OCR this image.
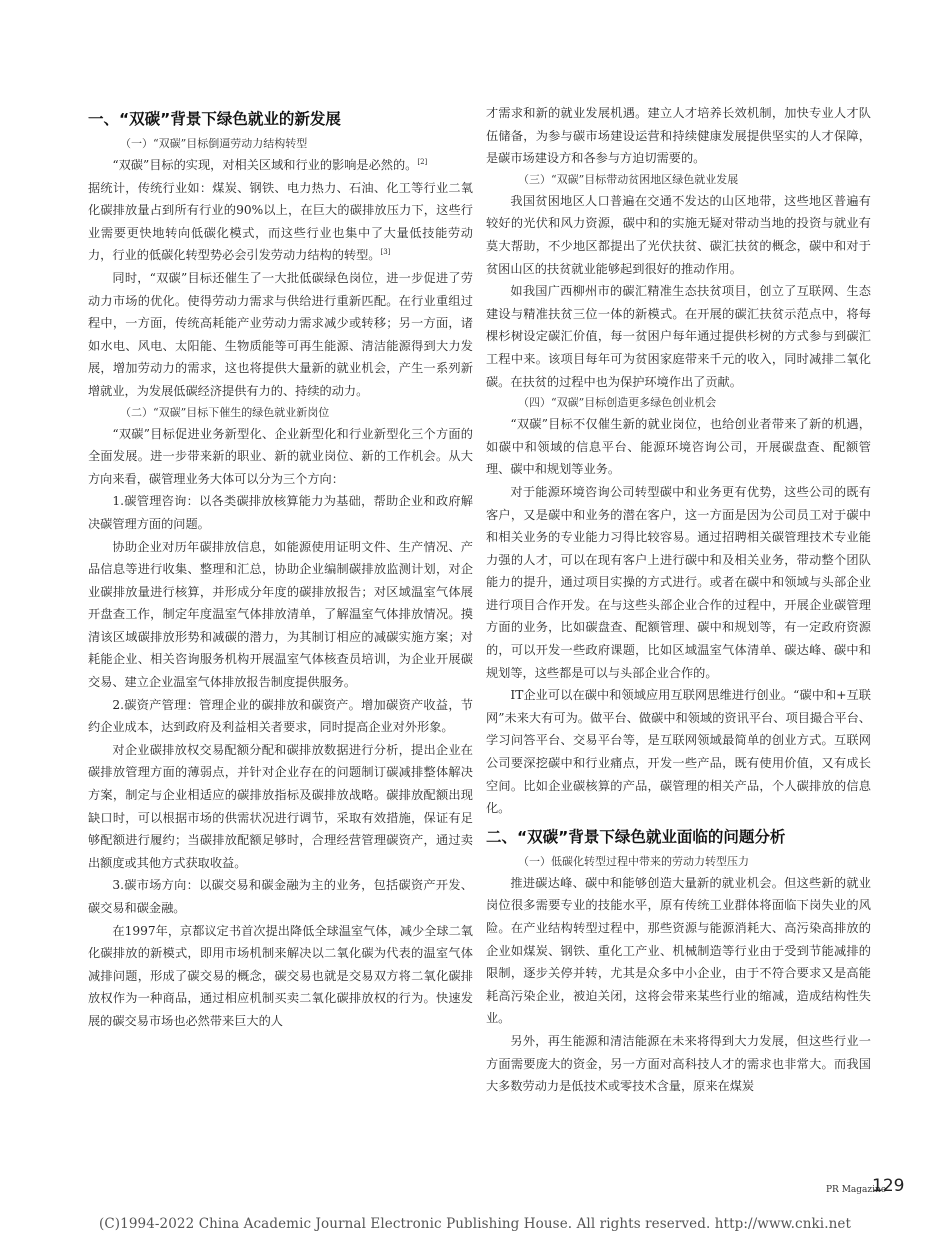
一、“双碳”背景下绿色就业的新发展
（一）“双碳”目标倒逼劳动力结构转型

“双碳”目标的实现，对相关区域和行业的影响是必然的。[2]

据统计，传统行业如：煤炭、钢铁、电力热力、石油、化工等行业二氧化碳排放量占到所有行业的90%以上，在巨大的碳排放压力下，这些行业需要更快地转向低碳化模式，而这些行业也集中了大量低技能劳动力，行业的低碳化转型势必会引发劳动力结构的转型。[3]

同时，“双碳”目标还催生了一大批低碳绿色岗位，进一步促进了劳动力市场的优化。使得劳动力需求与供给进行重新匹配。在行业重组过程中，一方面，传统高耗能产业劳动力需求减少或转移；另一方面，诸如水电、风电、太阳能、生物质能等可再生能源、清洁能源得到大力发展，增加劳动力的需求，这也将提供大量新的就业机会，产生一系列新增就业，为发展低碳经济提供有力的、持续的动力。

（二）“双碳”目标下催生的绿色就业新岗位

“双碳”目标促进业务新型化、企业新型化和行业新型化三个方面的全面发展。进一步带来新的职业、新的就业岗位、新的工作机会。从大方向来看，碳管理业务大体可以分为三个方向：

1.碳管理咨询：以各类碳排放核算能力为基础，帮助企业和政府解决碳管理方面的问题。

协助企业对历年碳排放信息，如能源使用证明文件、生产情况、产品信息等进行收集、整理和汇总，协助企业编制碳排放监测计划，对企业碳排放量进行核算，并形成分年度的碳排放报告；对区域温室气体展开盘查工作，制定年度温室气体排放清单，了解温室气体排放情况。摸清该区域碳排放形势和减碳的潜力，为其制订相应的减碳实施方案；对耗能企业、相关咨询服务机构开展温室气体核查员培训，为企业开展碳交易、建立企业温室气体排放报告制度提供服务。

2.碳资产管理：管理企业的碳排放和碳资产。增加碳资产收益，节约企业成本，达到政府及利益相关者要求，同时提高企业对外形象。

对企业碳排放权交易配额分配和碳排放数据进行分析，提出企业在碳排放管理方面的薄弱点，并针对企业存在的问题制订碳减排整体解决方案，制定与企业相适应的碳排放指标及碳排放战略。碳排放配额出现缺口时，可以根据市场的供需状况进行调节，采取有效措施，保证有足够配额进行履约；当碳排放配额足够时，合理经营管理碳资产，通过卖出额度或其他方式获取收益。

3.碳市场方向：以碳交易和碳金融为主的业务，包括碳资产开发、碳交易和碳金融。

在1997年，京都议定书首次提出降低全球温室气体，减少全球二氧化碳排放的新模式，即用市场机制来解决以二氧化碳为代表的温室气体减排问题，形成了碳交易的概念，碳交易也就是交易双方将二氧化碳排放权作为一种商品，通过相应机制买卖二氧化碳排放权的行为。快速发展的碳交易市场也必然带来巨大的人

才需求和新的就业发展机遇。建立人才培养长效机制，加快专业人才队伍储备，为参与碳市场建设运营和持续健康发展提供坚实的人才保障，是碳市场建设方和各参与方迫切需要的。

（三）“双碳”目标带动贫困地区绿色就业发展

我国贫困地区人口普遍在交通不发达的山区地带，这些地区普遍有较好的光伏和风力资源，碳中和的实施无疑对带动当地的投资与就业有莫大帮助，不少地区都提出了光伏扶贫、碳汇扶贫的概念，碳中和对于贫困山区的扶贫就业能够起到很好的推动作用。

如我国广西柳州市的碳汇精准生态扶贫项目，创立了互联网、生态建设与精准扶贫三位一体的新模式。在开展的碳汇扶贫示范点中，将每棵杉树设定碳汇价值，每一贫困户每年通过提供杉树的方式参与到碳汇工程中来。该项目每年可为贫困家庭带来千元的收入，同时减排二氧化碳。在扶贫的过程中也为保护环境作出了贡献。

（四）“双碳”目标创造更多绿色创业机会

“双碳”目标不仅催生新的就业岗位，也给创业者带来了新的机遇，如碳中和领域的信息平台、能源环境咨询公司，开展碳盘查、配额管理、碳中和规划等业务。

对于能源环境咨询公司转型碳中和业务更有优势，这些公司的既有客户，又是碳中和业务的潜在客户，这一方面是因为公司员工对于碳中和相关业务的专业能力习得比较容易。通过招聘相关碳管理技术专业能力强的人才，可以在现有客户上进行碳中和及相关业务，带动整个团队能力的提升，通过项目实操的方式进行。或者在碳中和领域与头部企业进行项目合作开发。在与这些头部企业合作的过程中，开展企业碳管理方面的业务，比如碳盘查、配额管理、碳中和规划等，有一定政府资源的，可以开发一些政府课题，比如区域温室气体清单、碳达峰、碳中和规划等，这些都是可以与头部企业合作的。

IT企业可以在碳中和领域应用互联网思维进行创业。“碳中和+互联网”未来大有可为。做平台、做碳中和领域的资讯平台、项目撮合平台、学习问答平台、交易平台等，是互联网领域最简单的创业方式。互联网公司要深挖碳中和行业痛点，开发一些产品，既有使用价值，又有成长空间。比如企业碳核算的产品，碳管理的相关产品，个人碳排放的信息化。

二、“双碳”背景下绿色就业面临的问题分析
（一）低碳化转型过程中带来的劳动力转型压力

推进碳达峰、碳中和能够创造大量新的就业机会。但这些新的就业岗位很多需要专业的技能水平，原有传统工业群体将面临下岗失业的风险。在产业结构转型过程中，那些资源与能源消耗大、高污染高排放的企业如煤炭、钢铁、重化工产业、机械制造等行业由于受到节能减排的限制，逐步关停并转，尤其是众多中小企业，由于不符合要求又是高能耗高污染企业，被迫关闭，这将会带来某些行业的缩减，造成结构性失业。

另外，再生能源和清洁能源在未来将得到大力发展，但这些行业一方面需要庞大的资金，另一方面对高科技人才的需求也非常大。而我国大多数劳动力是低技术或零技术含量，原来在煤炭

PR Magazine
129
(C)1994-2022 China Academic Journal Electronic Publishing House. All rights reserved. http://www.cnki.net
